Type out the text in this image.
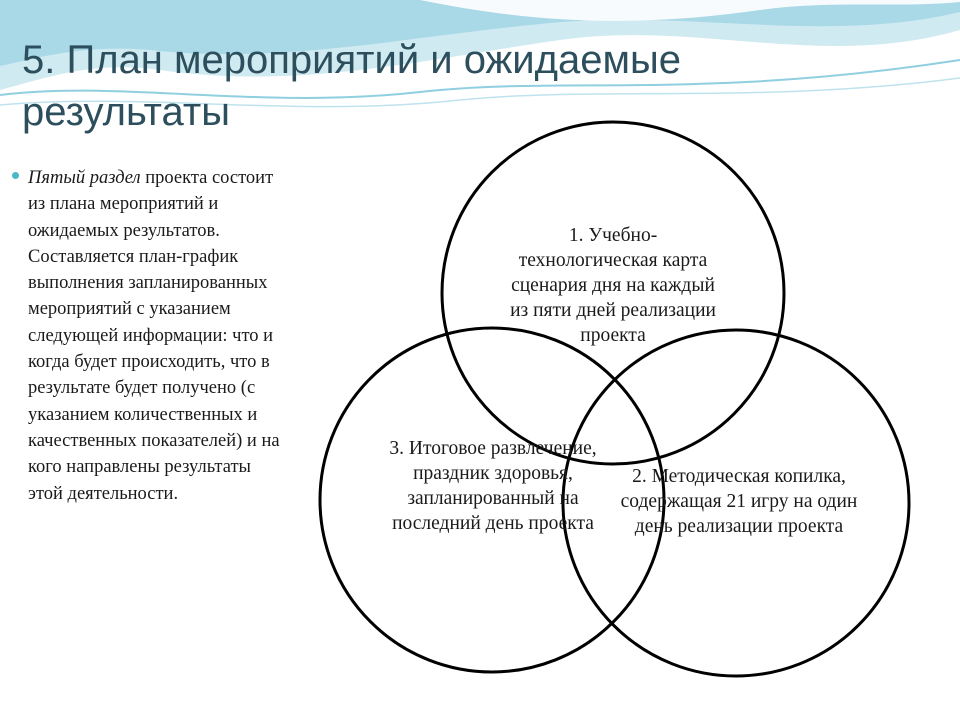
5. План мероприятий и ожидаемые результаты
Пятый раздел проекта состоит из плана мероприятий и ожидаемых результатов. Составляется план-график выполнения запланированных мероприятий с указанием следующей информации: что и когда будет происходить, что в результате будет получено (с указанием количественных и качественных показателей) и на кого направлены результаты этой деятельности.
1. Учебно-технологическая карта сценария дня на каждый из пяти дней реализации проекта
3. Итоговое развлечение, праздник здоровья, запланированный на последний день проекта
2. Методическая копилка, содержащая 21 игру на один день реализации проекта
